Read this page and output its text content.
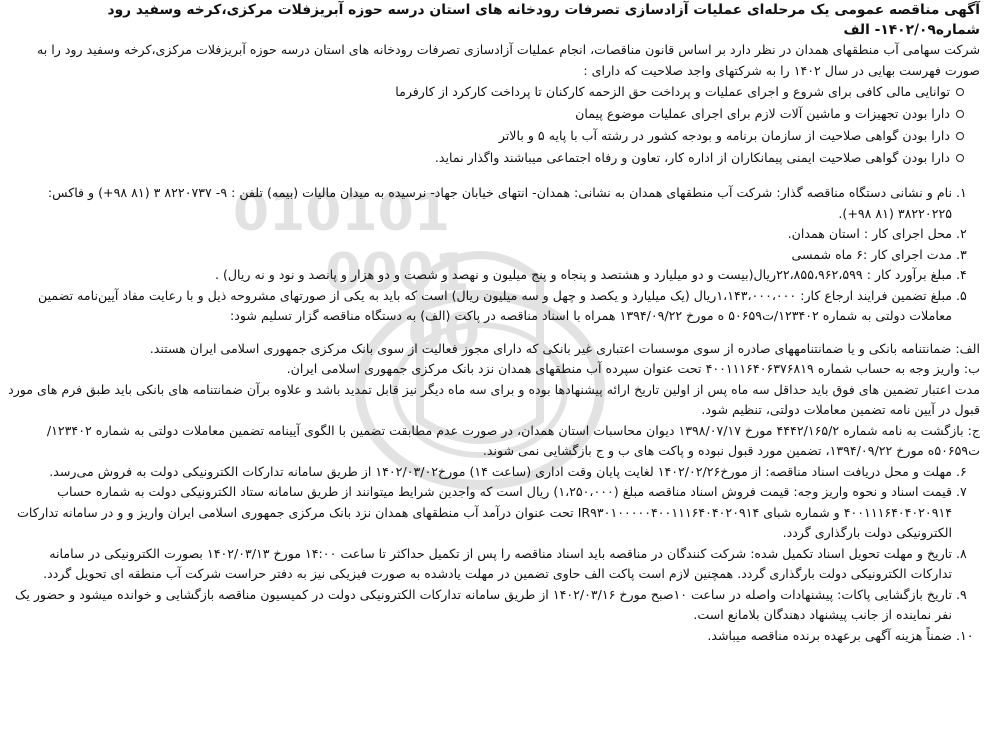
010101
0001
00

آگهی مناقصه عمومی یک مرحله‌ای عملیات آزادسازی تصرفات رودخانه های استان درسه حوزه آبریزفلات مرکزی،کرخه وسفید رود

شماره۱۴۰۲/۰۹- الف

شرکت سهامی آب منطقهای همدان در نظر دارد بر اساس قانون مناقصات، انجام عملیات آزادسازی تصرفات رودخانه های استان درسه حوزه آبریزفلات مرکزی،کرخه وسفید رود را به صورت فهرست بهایی در سال ۱۴۰۲ را به شرکتهای واجد صلاحیت که دارای :

توانایی مالی کافی برای شروع و اجرای عملیات و پرداخت حق الزحمه کارکنان تا پرداخت کارکرد از کارفرما
دارا بودن تجهیزات و ماشین آلات لازم برای اجرای عملیات موضوع پیمان
دارا بودن گواهی صلاحیت از سازمان برنامه و بودجه کشور در رشته آب با پایه ۵ و بالاتر
دارا بودن گواهی صلاحیت ایمنی پیمانکاران از اداره کار، تعاون و رفاه اجتماعی میباشند واگذار نماید.
۱.
نام و نشانی دستگاه مناقصه گذار: شرکت آب منطقهای همدان به نشانی: همدان- انتهای خیابان جهاد- نرسیده به میدان مالیات (بیمه) تلفن : ۹- ۸۲۲۰۷۳۷ ۳ (۸۱ ۹۸+) و فاکس: ۳۸۲۲۰۲۲۵ (۸۱ ۹۸+).
۲.
محل اجرای کار : استان همدان.
۳.
مدت اجرای کار :۶ ماه شمسی
۴.
مبلغ برآورد کار : ۲۲،۸۵۵،۹۶۲،۵۹۹ریال(بیست و دو میلیارد و هشتصد و پنجاه و پنج میلیون و نهصد و شصت و دو هزار و پانصد و نود و نه ریال) .
۵.
مبلغ تضمین فرایند ارجاع کار: ۱،۱۴۳،۰۰۰،۰۰۰ریال (یک میلیارد و یکصد و چهل و سه میلیون ریال) است که باید به یکی از صورتهای مشروحه ذیل و با رعایت مفاد آیین‌نامه تضمین معاملات دولتی به شماره ۱۲۳۴۰۲/ت۵۰۶۵۹ ه مورخ ۱۳۹۴/۰۹/۲۲ همراه با اسناد مناقصه در پاکت (الف) به دستگاه مناقصه گزار تسلیم شود:

الف: ضمانتنامه بانکی و یا ضمانتنامههای صادره از سوی موسسات اعتباری غیر بانکی که دارای مجوز فعالیت از سوی بانک مرکزی جمهوری اسلامی ایران هستند.

ب: واریز وجه به حساب شماره ۴۰۰۱۱۱۶۴۰۶۳۷۶۸۱۹ تحت عنوان سپرده آب منطقهای همدان نزد بانک مرکزی جمهوری اسلامی ایران.

مدت اعتبار تضمین های فوق باید حداقل سه ماه پس از اولین تاریخ ارائه پیشنهادها بوده و برای سه ماه دیگر نیز قابل تمدید باشد و علاوه برآن ضمانتنامه های بانکی باید طبق فرم های مورد قبول در آیین نامه تضمین معاملات دولتی، تنظیم شود.

ج: بازگشت به نامه شماره ۴۴۴۲/۱۶۵/۲ مورخ ۱۳۹۸/۰۷/۱۷ دیوان محاسبات استان همدان، در صورت عدم مطابقت تضمین با الگوی آیینامه تضمین معاملات دولتی به شماره ۱۲۳۴۰۲/ت۵۰۶۵۹ه مورخ ۱۳۹۴/۰۹/۲۲، تضمین مورد قبول نبوده و پاکت های ب و ج بازگشایی نمی شوند.

۶.
مهلت و محل دریافت اسناد مناقصه: از مورخ۱۴۰۲/۰۲/۲۶ لغایت پایان وقت اداری (ساعت ۱۴) مورخ۱۴۰۲/۰۳/۰۲ از طریق سامانه تدارکات الکترونیکی دولت به فروش می‌رسد.
۷.
قیمت اسناد و نحوه واریز وجه: قیمت فروش اسناد مناقصه مبلغ (۱،۲۵۰،۰۰۰) ریال است که واجدین شرایط میتوانند از طریق سامانه ستاد الکترونیکی دولت به شماره حساب ۴۰۰۱۱۱۶۴۰۴۰۲۰۹۱۴ و شماره شبای IR۹۳۰۱۰۰۰۰۰۴۰۰۱۱۱۶۴۰۴۰۲۰۹۱۴ تحت عنوان درآمد آب منطقهای همدان نزد بانک مرکزی جمهوری اسلامی ایران واریز و و در سامانه تدارکات الکترونیکی دولت بارگذاری گردد.
۸.
تاریخ و مهلت تحویل اسناد تکمیل شده: شرکت کنندگان در مناقصه باید اسناد مناقصه را پس از تکمیل حداکثر تا ساعت ۱۴:۰۰ مورخ ۱۴۰۲/۰۳/۱۳ بصورت الکترونیکی در سامانه تدارکات الکترونیکی دولت بارگذاری گردد. همچنین لازم است پاکت الف حاوی تضمین در مهلت یادشده به صورت فیزیکی نیز به دفتر حراست شرکت آب منطقه ای تحویل گردد.
۹.
تاریخ بازگشایی پاکات: پیشنهادات واصله در ساعت ۱۰صبح مورخ ۱۴۰۲/۰۳/۱۶ از طریق سامانه تدارکات الکترونیکی دولت در کمیسیون مناقصه بازگشایی و خوانده میشود و حضور یک نفر نماینده از جانب پیشنهاد دهندگان بلامانع است.
۱۰.
ضمناً هزینه آگهی برعهده برنده مناقصه میباشد.
